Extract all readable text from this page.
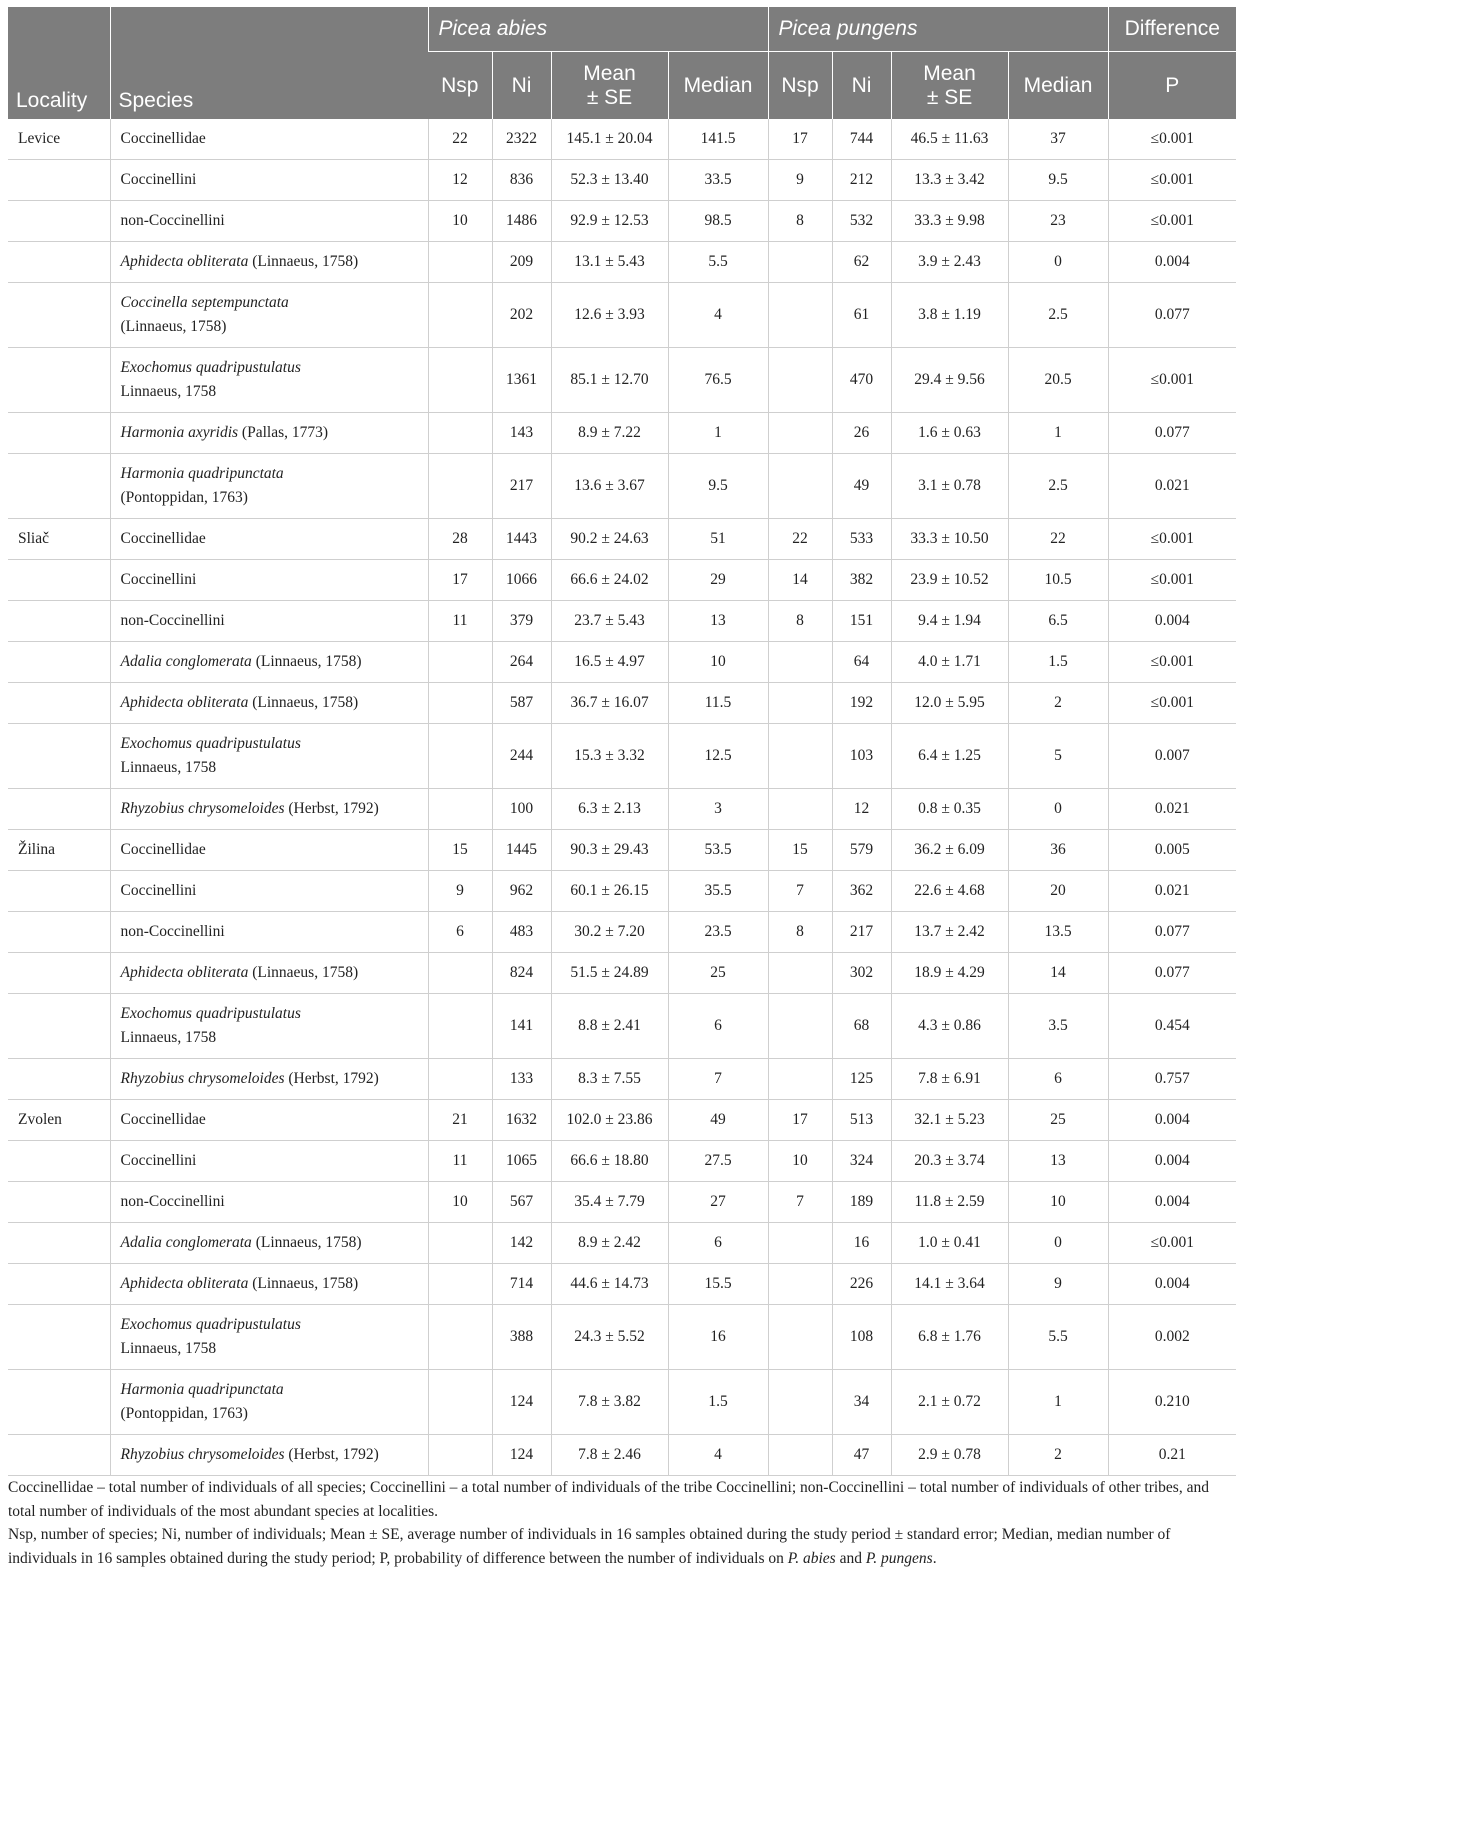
Locality	Species	Picea abies				Picea pungens				Difference
		Nsp	Ni	Mean
± SE	Median	Nsp	Ni	Mean
± SE	Median	P
Levice	Coccinellidae	22	2322	145.1 ± 20.04	141.5	17	744	46.5 ± 11.63	37	≤0.001
	Coccinellini	12	836	52.3 ± 13.40	33.5	9	212	13.3 ± 3.42	9.5	≤0.001
	non-Coccinellini	10	1486	92.9 ± 12.53	98.5	8	532	33.3 ± 9.98	23	≤0.001
	Aphidecta obliterata (Linnaeus, 1758)		209	13.1 ± 5.43	5.5		62	3.9 ± 2.43	0	0.004
	Coccinella septempunctata
(Linnaeus, 1758)		202	12.6 ± 3.93	4		61	3.8 ± 1.19	2.5	0.077
	Exochomus quadripustulatus
Linnaeus, 1758		1361	85.1 ± 12.70	76.5		470	29.4 ± 9.56	20.5	≤0.001
	Harmonia axyridis (Pallas, 1773)		143	8.9 ± 7.22	1		26	1.6 ± 0.63	1	0.077
	Harmonia quadripunctata
(Pontoppidan, 1763)		217	13.6 ± 3.67	9.5		49	3.1 ± 0.78	2.5	0.021
Sliač	Coccinellidae	28	1443	90.2 ± 24.63	51	22	533	33.3 ± 10.50	22	≤0.001
	Coccinellini	17	1066	66.6 ± 24.02	29	14	382	23.9 ± 10.52	10.5	≤0.001
	non-Coccinellini	11	379	23.7 ± 5.43	13	8	151	9.4 ± 1.94	6.5	0.004
	Adalia conglomerata (Linnaeus, 1758)		264	16.5 ± 4.97	10		64	4.0 ± 1.71	1.5	≤0.001
	Aphidecta obliterata (Linnaeus, 1758)		587	36.7 ± 16.07	11.5		192	12.0 ± 5.95	2	≤0.001
	Exochomus quadripustulatus
Linnaeus, 1758		244	15.3 ± 3.32	12.5		103	6.4 ± 1.25	5	0.007
	Rhyzobius chrysomeloides (Herbst, 1792)		100	6.3 ± 2.13	3		12	0.8 ± 0.35	0	0.021
Žilina	Coccinellidae	15	1445	90.3 ± 29.43	53.5	15	579	36.2 ± 6.09	36	0.005
	Coccinellini	9	962	60.1 ± 26.15	35.5	7	362	22.6 ± 4.68	20	0.021
	non-Coccinellini	6	483	30.2 ± 7.20	23.5	8	217	13.7 ± 2.42	13.5	0.077
	Aphidecta obliterata (Linnaeus, 1758)		824	51.5 ± 24.89	25		302	18.9 ± 4.29	14	0.077
	Exochomus quadripustulatus
Linnaeus, 1758		141	8.8 ± 2.41	6		68	4.3 ± 0.86	3.5	0.454
	Rhyzobius chrysomeloides (Herbst, 1792)		133	8.3 ± 7.55	7		125	7.8 ± 6.91	6	0.757
Zvolen	Coccinellidae	21	1632	102.0 ± 23.86	49	17	513	32.1 ± 5.23	25	0.004
	Coccinellini	11	1065	66.6 ± 18.80	27.5	10	324	20.3 ± 3.74	13	0.004
	non-Coccinellini	10	567	35.4 ± 7.79	27	7	189	11.8 ± 2.59	10	0.004
	Adalia conglomerata (Linnaeus, 1758)		142	8.9 ± 2.42	6		16	1.0 ± 0.41	0	≤0.001
	Aphidecta obliterata (Linnaeus, 1758)		714	44.6 ± 14.73	15.5		226	14.1 ± 3.64	9	0.004
	Exochomus quadripustulatus
Linnaeus, 1758		388	24.3 ± 5.52	16		108	6.8 ± 1.76	5.5	0.002
	Harmonia quadripunctata
(Pontoppidan, 1763)		124	7.8 ± 3.82	1.5		34	2.1 ± 0.72	1	0.210
	Rhyzobius chrysomeloides (Herbst, 1792)		124	7.8 ± 2.46	4		47	2.9 ± 0.78	2	0.21

Coccinellidae – total number of individuals of all species; Coccinellini – a total number of individuals of the tribe Coccinellini; non-Coccinellini – total number of individuals of other tribes, and total number of individuals of the most abundant species at localities.

Nsp, number of species; Ni, number of individuals; Mean ± SE, average number of individuals in 16 samples obtained during the study period ± standard error; Median, median number of individuals in 16 samples obtained during the study period; P, probability of difference between the number of individuals on P. abies and P. pungens.
